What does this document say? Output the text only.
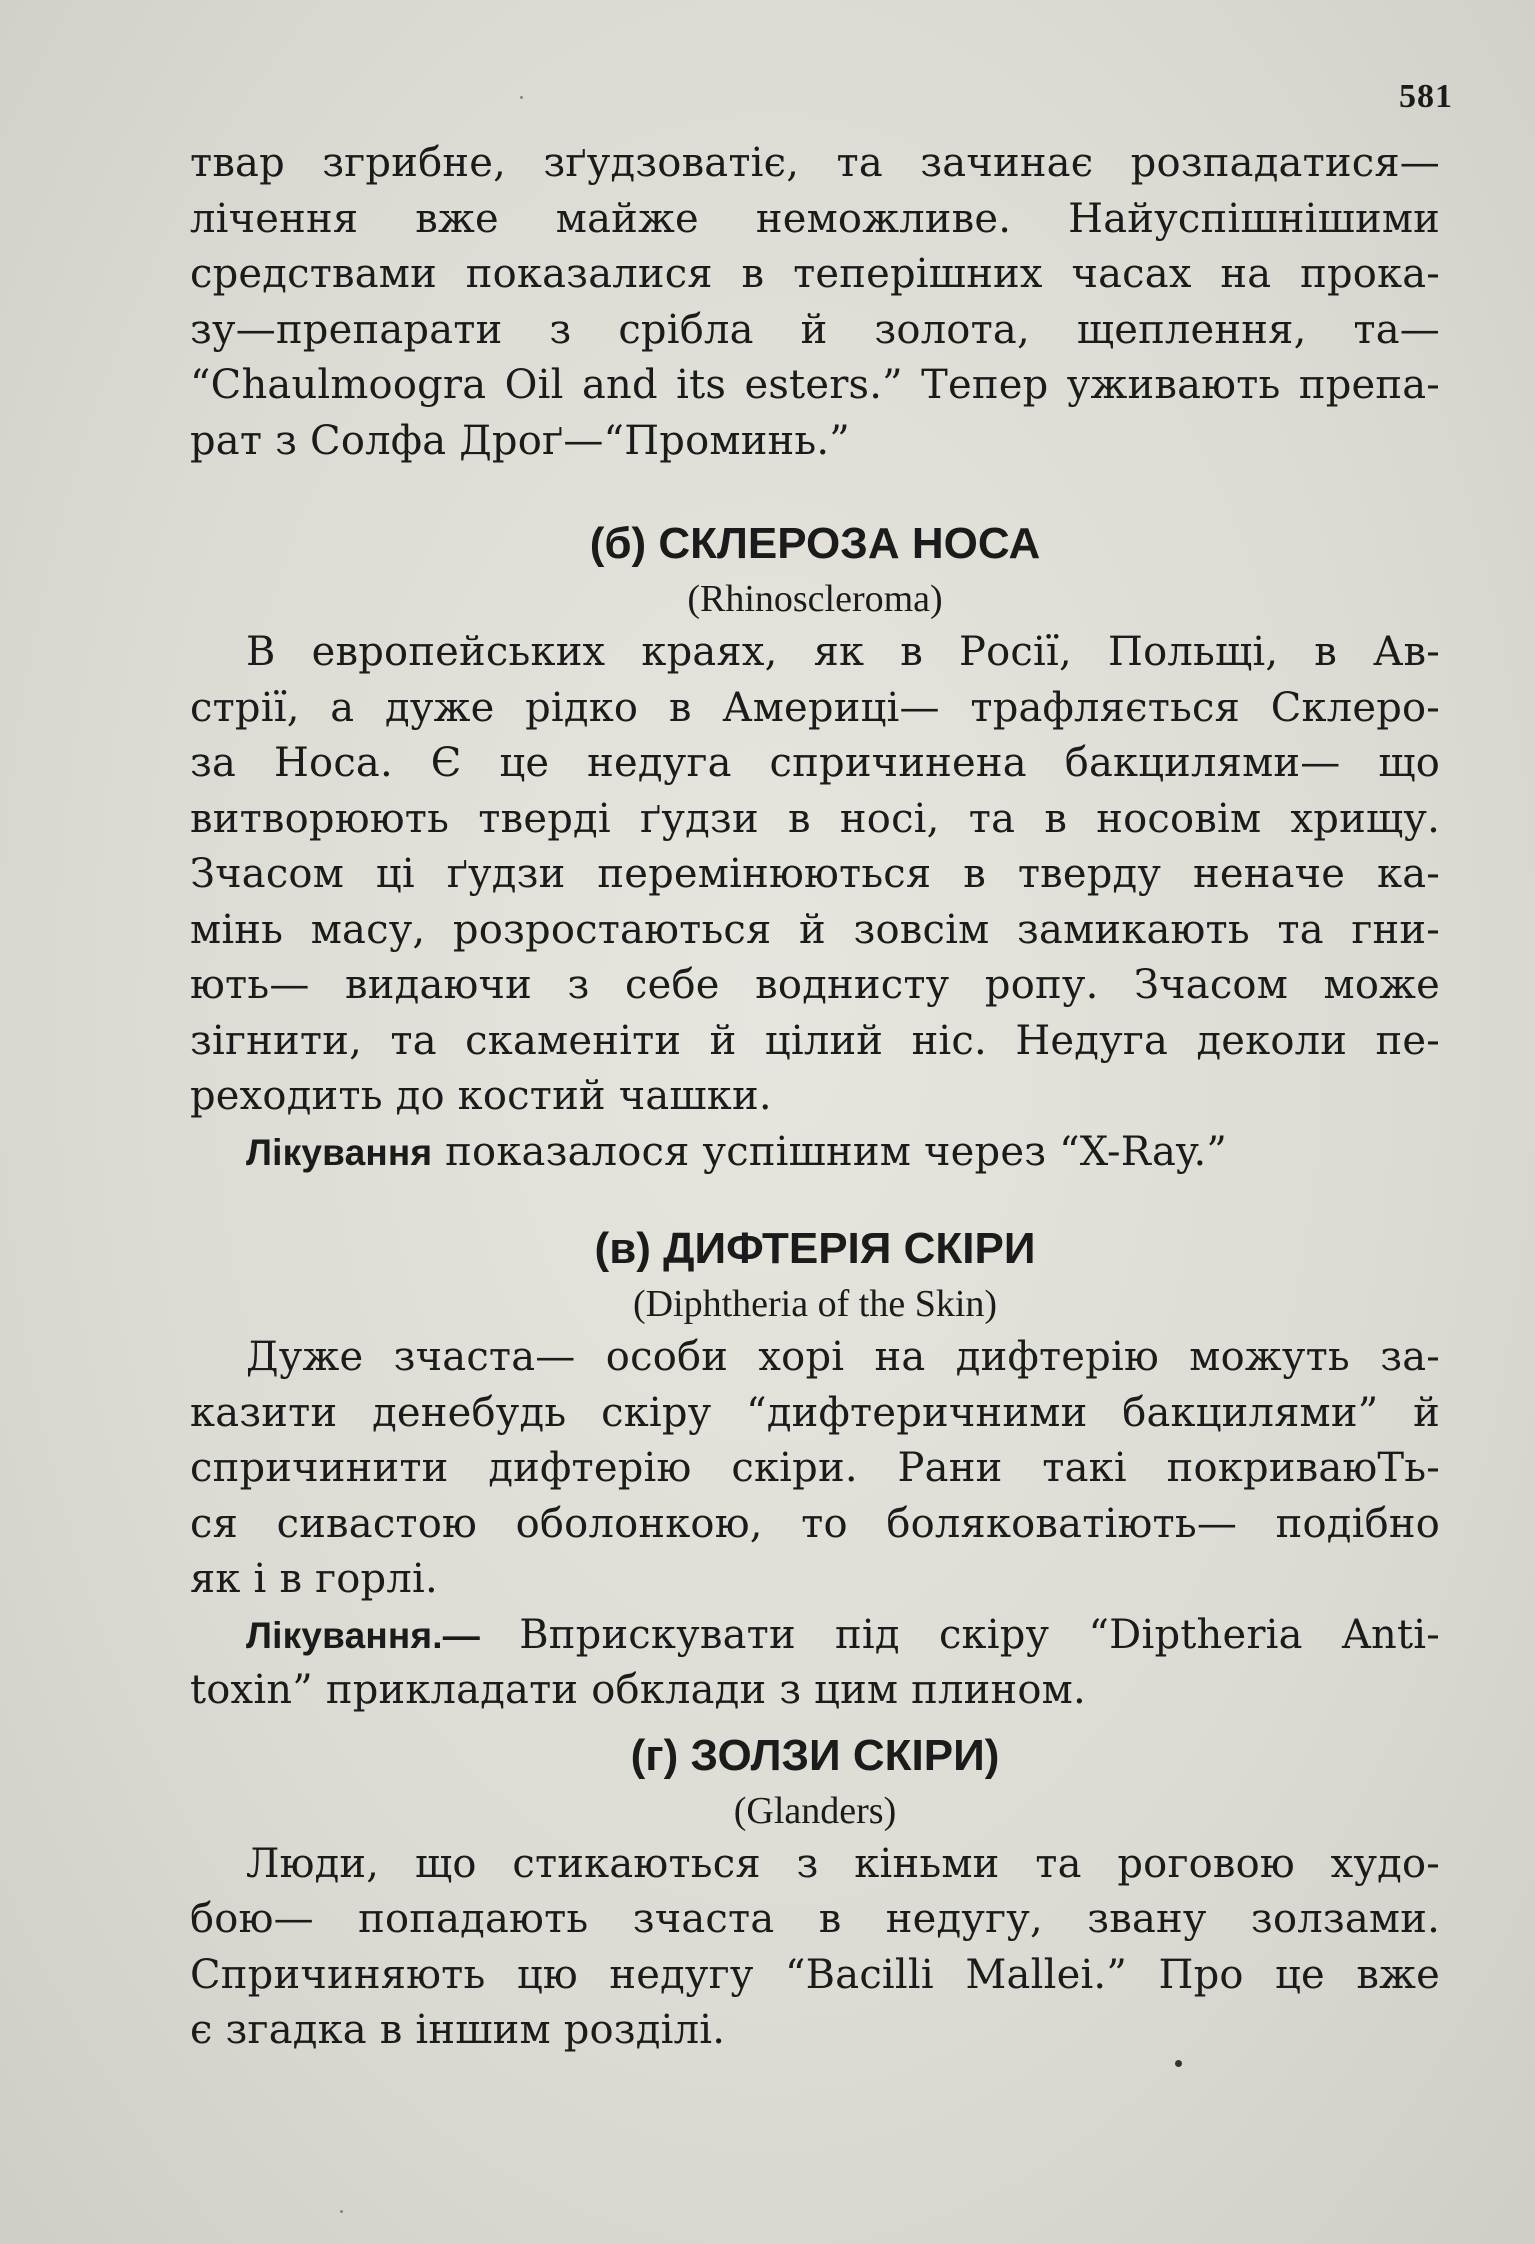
581
твар згрибне, зґудзоватіє, та зачинає розпадатися—
лічення вже майже неможливе. Найуспішнішими
средствами показалися в теперішних часах на прока-
зу—препарати з срібла й золота, щеплення, та—
“Chaulmoogra Oil and its esters.” Тепер уживають препа-
рат з Солфа Дроґ—“Проминь.”
(б) СКЛЕРОЗА НОСА
(Rhinoscleroma)
В европейських краях, як в Росії, Польщі, в Ав-
стрії, а дуже рідко в Америці— трафляється Склеро-
за Носа. Є це недуга спричинена бакцилями— що
витворюють тверді ґудзи в носі, та в носовім хрищу.
Зчасом ці ґудзи перемінюються в тверду неначе ка-
мінь масу, розростаються й зовсім замикають та гни-
ють— видаючи з себе воднисту ропу. Зчасом може
зігнити, та скаменіти й цілий ніс. Недуга деколи пе-
реходить до костий чашки.
Лікування показалося успішним через “X-Ray.”
(в) ДИФТЕРІЯ СКІРИ
(Diphtheria of the Skin)
Дуже зчаста— особи хорі на дифтерію можуть за-
казити денебудь скіру “дифтеричними бакцилями” й
спричинити дифтерію скіри. Рани такі покриваюТь-
ся сивастою оболонкою, то боляковатіють— подібно
як і в горлі.
Лікування.— Вприскувати під скіру “Diptheria Anti-
toxin” прикладати обклади з цим плином.
(г) ЗОЛЗИ СКІРИ)
(Glanders)
Люди, що стикаються з кіньми та роговою худо-
бою— попадають зчаста в недугу, звану золзами.
Спричиняють цю недугу “Bacilli Mallei.” Про це вже
є згадка в іншим розділі.
